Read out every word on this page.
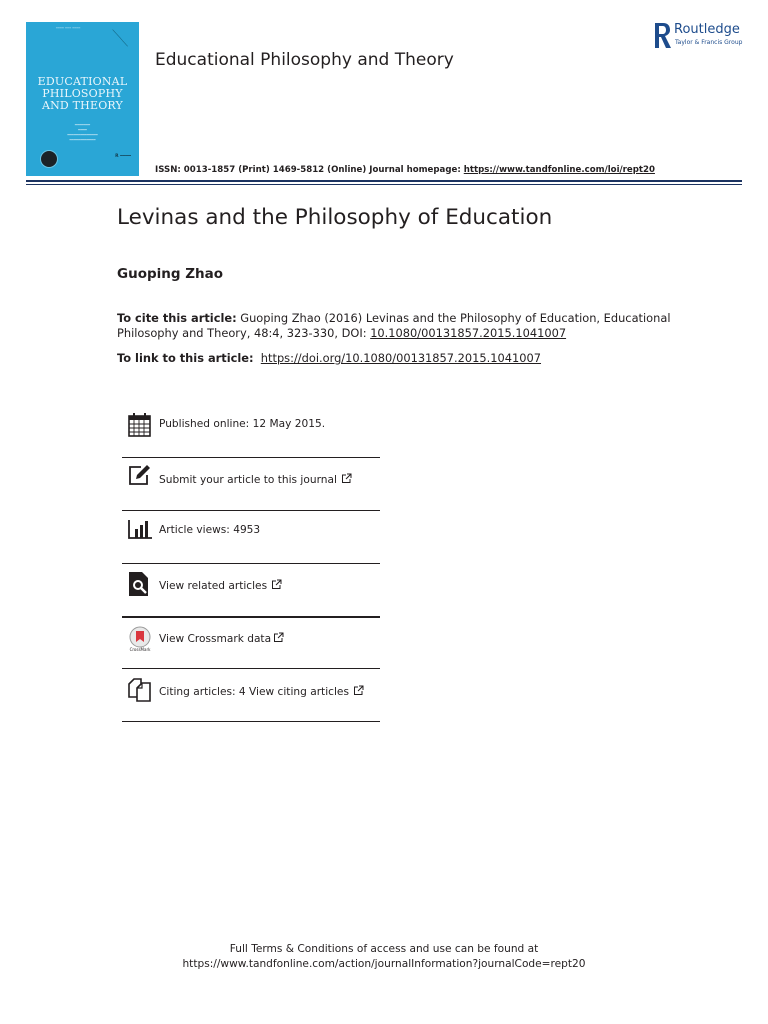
━━━━ ━━━ ━━━━
━━━━━━━━━━━
EDUCATIONAL
PHILOSOPHY
AND THEORY
━━━━━━━
━━━━
━━━━━━━━━━━━━━
━━━━━━━━━━━━
R ━━━━
Educational Philosophy and Theory
Routledge
Taylor & Francis Group
ISSN: 0013-1857 (Print) 1469-5812 (Online) Journal homepage: https://www.tandfonline.com/loi/rept20
Levinas and the Philosophy of Education
Guoping Zhao
To cite this article: Guoping Zhao (2016) Levinas and the Philosophy of Education, Educational Philosophy and Theory, 48:4, 323-330, DOI: 10.1080/00131857.2015.1041007
To link to this article: https://doi.org/10.1080/00131857.2015.1041007
Published online: 12 May 2015.
Submit your article to this journal
Article views: 4953
View related articles
CrossMark
View Crossmark data
Citing articles: 4 View citing articles
Full Terms & Conditions of access and use can be found at
https://www.tandfonline.com/action/journalInformation?journalCode=rept20
